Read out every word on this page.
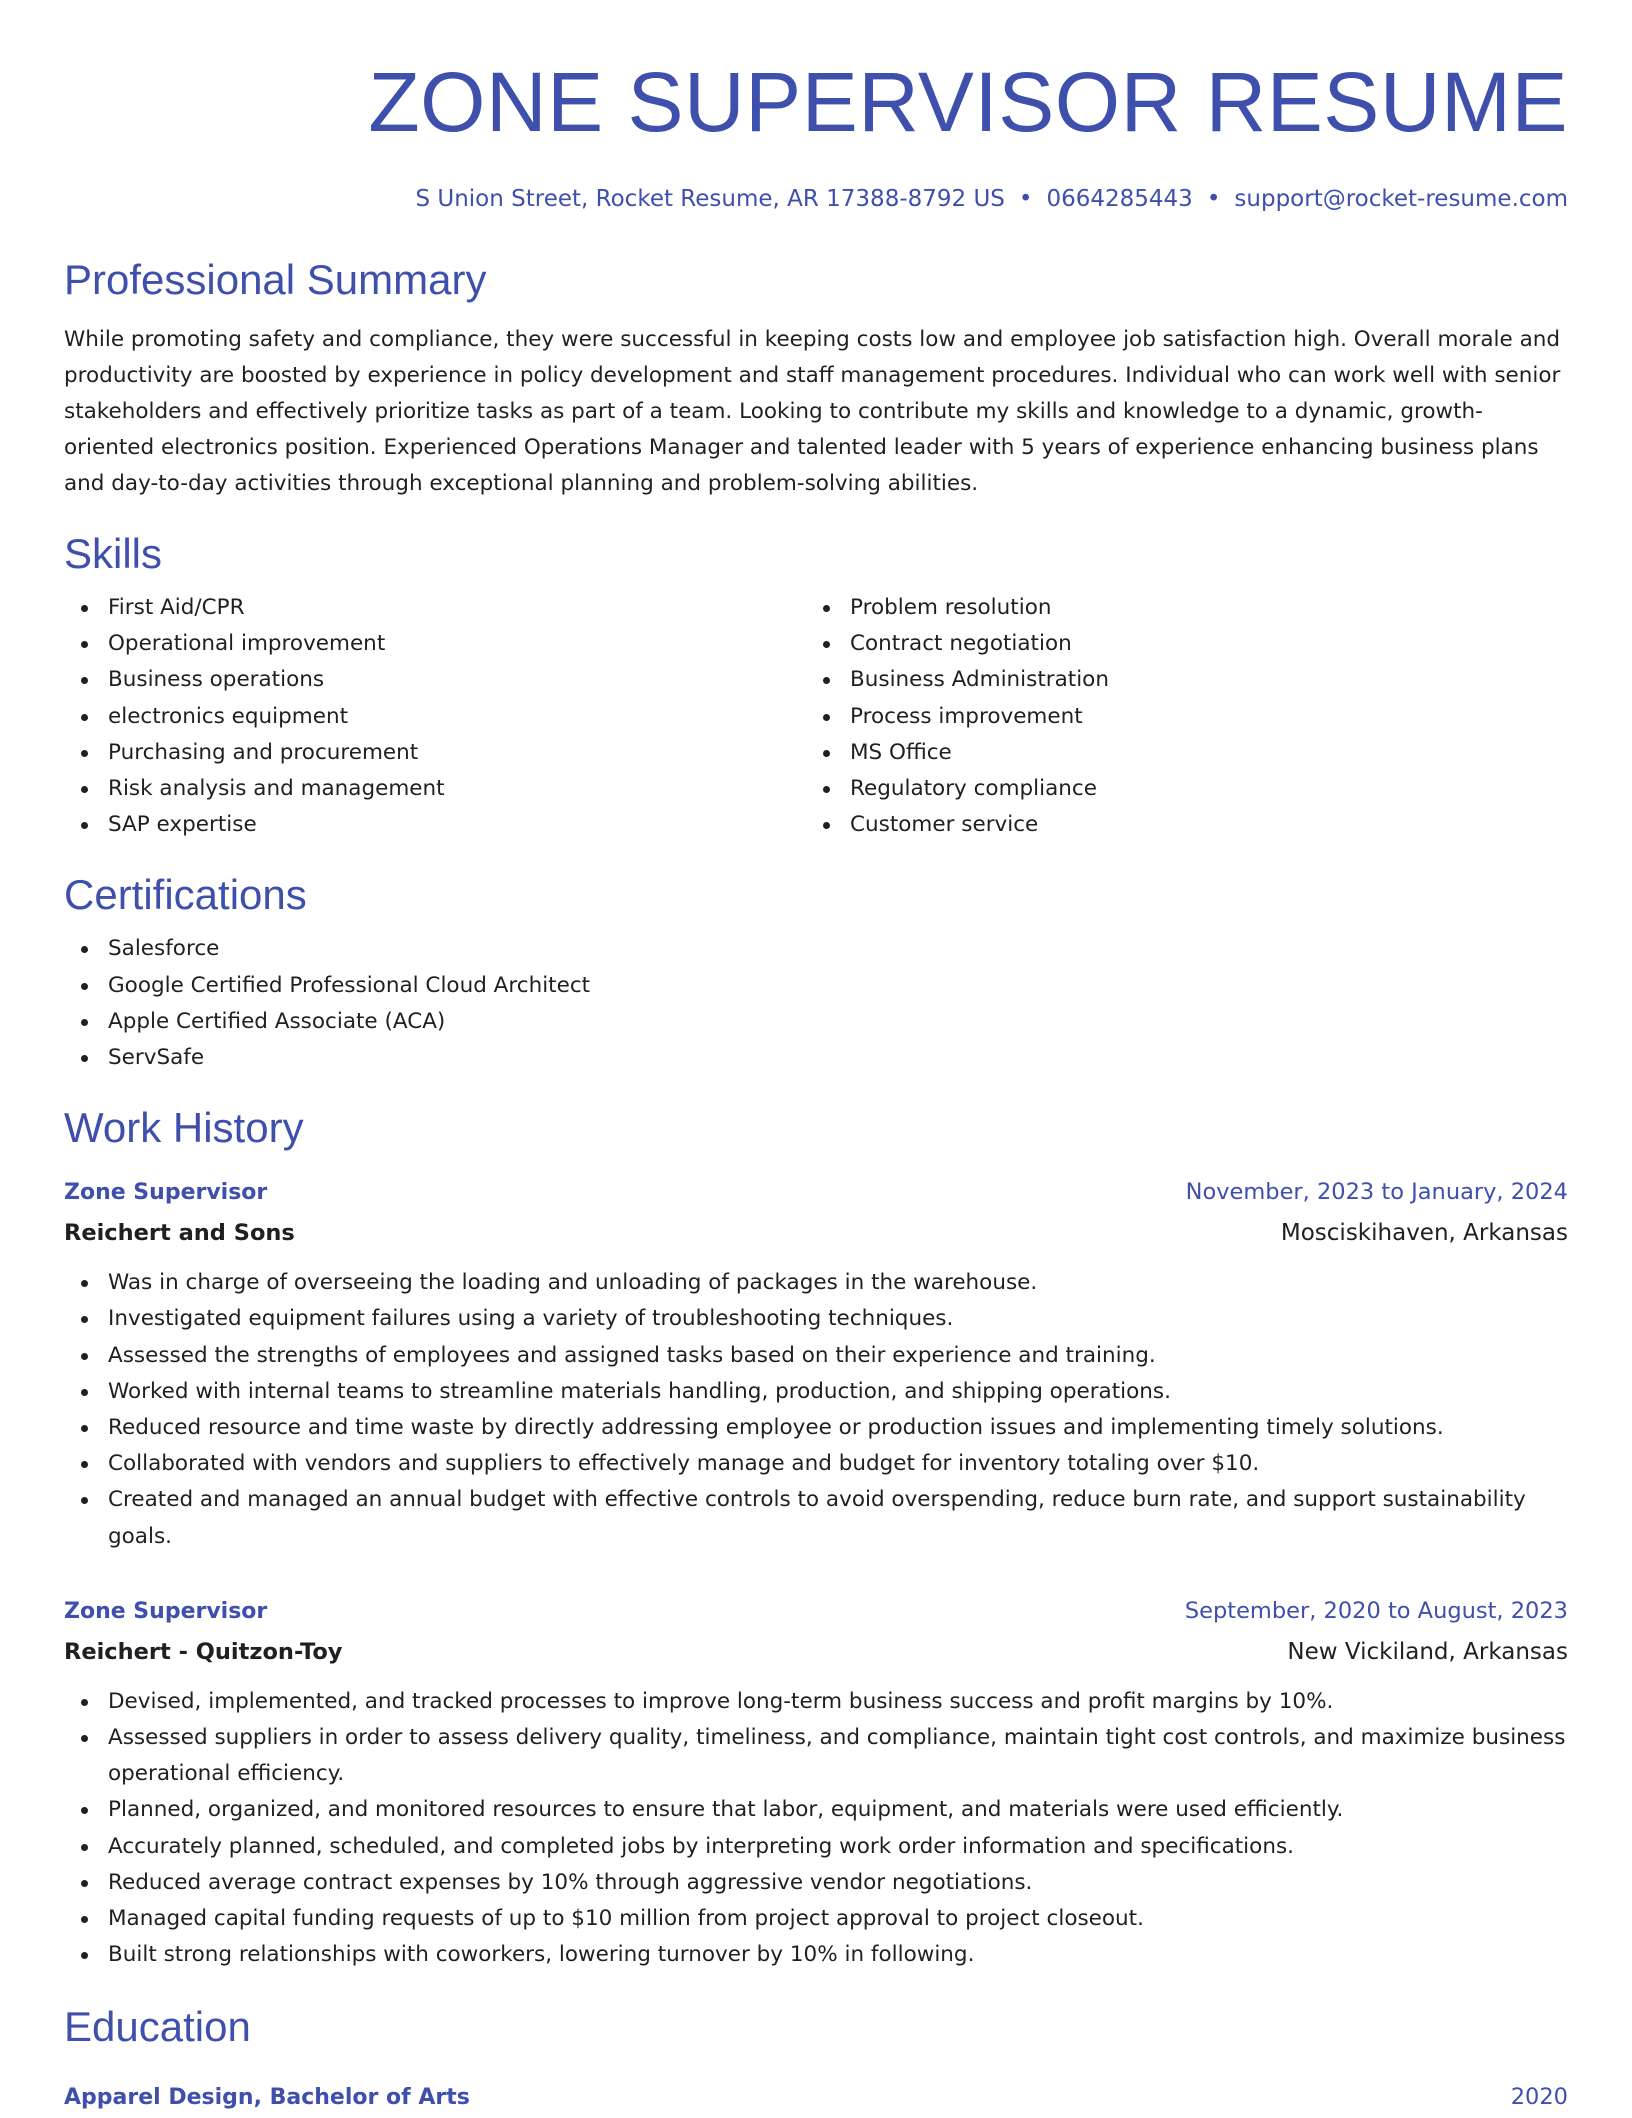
ZONE SUPERVISOR RESUME
S Union Street, Rocket Resume, AR 17388-8792 US • 0664285443 • support@rocket-resume.com
Professional Summary
While promoting safety and compliance, they were successful in keeping costs low and employee job satisfaction high. Overall morale and productivity are boosted by experience in policy development and staff management procedures. Individual who can work well with senior stakeholders and effectively prioritize tasks as part of a team. Looking to contribute my skills and knowledge to a dynamic, growth-oriented electronics position. Experienced Operations Manager and talented leader with 5 years of experience enhancing business plans and day-to-day activities through exceptional planning and problem-solving abilities.
Skills
First Aid/CPR
Operational improvement
Business operations
electronics equipment
Purchasing and procurement
Risk analysis and management
SAP expertise
Problem resolution
Contract negotiation
Business Administration
Process improvement
MS Office
Regulatory compliance
Customer service
Certifications
Salesforce
Google Certified Professional Cloud Architect
Apple Certified Associate (ACA)
ServSafe
Work History
Zone Supervisor	November, 2023 to January, 2024
Reichert and Sons	Mosciskihaven, Arkansas
Was in charge of overseeing the loading and unloading of packages in the warehouse.
Investigated equipment failures using a variety of troubleshooting techniques.
Assessed the strengths of employees and assigned tasks based on their experience and training.
Worked with internal teams to streamline materials handling, production, and shipping operations.
Reduced resource and time waste by directly addressing employee or production issues and implementing timely solutions.
Collaborated with vendors and suppliers to effectively manage and budget for inventory totaling over $10.
Created and managed an annual budget with effective controls to avoid overspending, reduce burn rate, and support sustainability goals.
Zone Supervisor	September, 2020 to August, 2023
Reichert - Quitzon-Toy	New Vickiland, Arkansas
Devised, implemented, and tracked processes to improve long-term business success and profit margins by 10%.
Assessed suppliers in order to assess delivery quality, timeliness, and compliance, maintain tight cost controls, and maximize business operational efficiency.
Planned, organized, and monitored resources to ensure that labor, equipment, and materials were used efficiently.
Accurately planned, scheduled, and completed jobs by interpreting work order information and specifications.
Reduced average contract expenses by 10% through aggressive vendor negotiations.
Managed capital funding requests of up to $10 million from project approval to project closeout.
Built strong relationships with coworkers, lowering turnover by 10% in following.
Education
Apparel Design, Bachelor of Arts	2020
